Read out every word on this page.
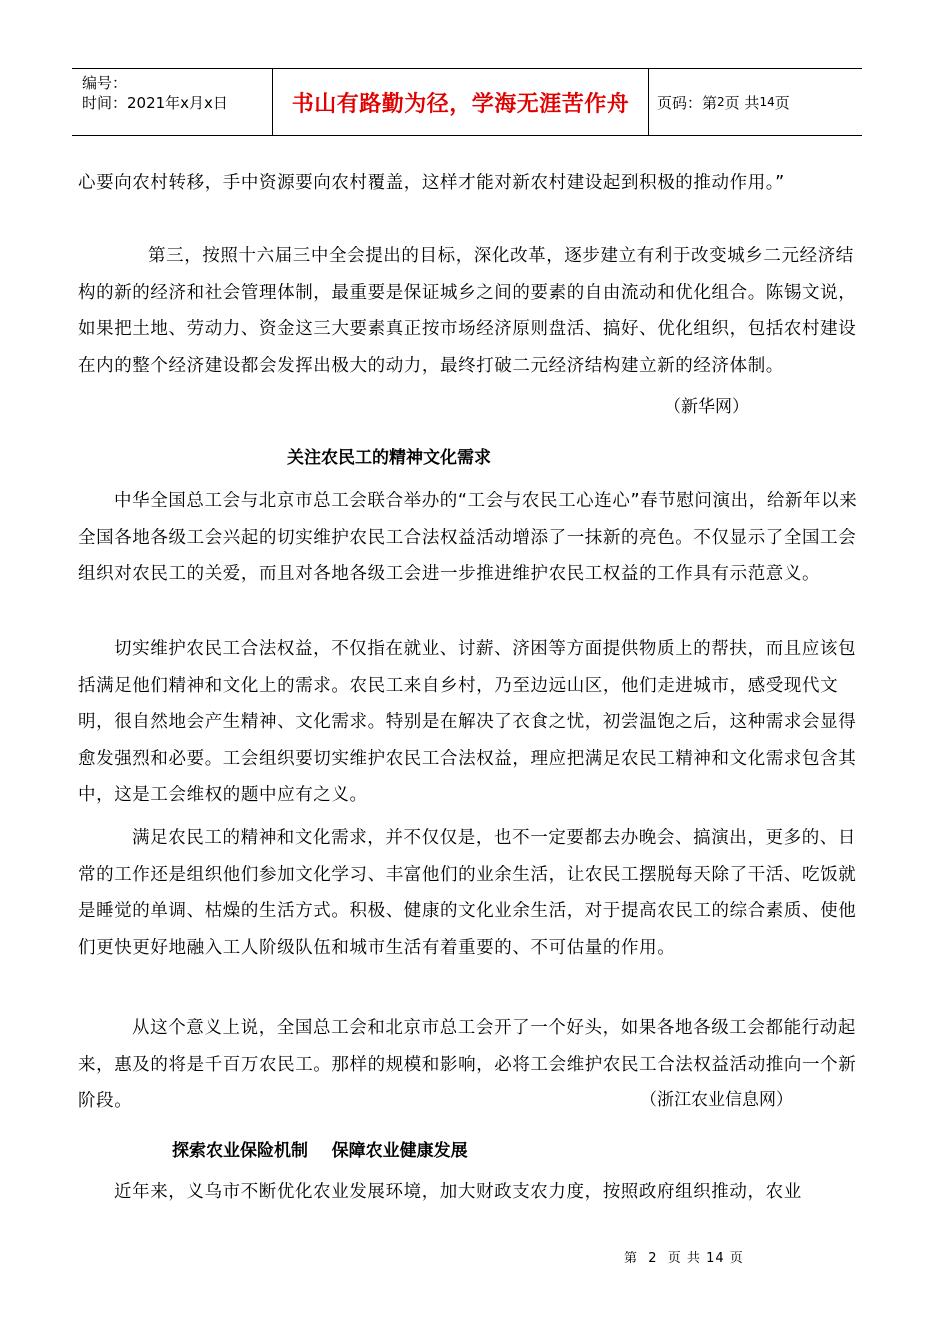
编号：
时间：2021年x月x日	书山有路勤为径，学海无涯苦作舟	页码：第 2 页 共 14 页

心要向农村转移，手中资源要向农村覆盖，这样才能对新农村建设起到积极的推动作用。”

第三，按照十六届三中全会提出的目标，深化改革，逐步建立有利于改变城乡二元经济结构的新的经济和社会管理体制，最重要是保证城乡之间的要素的自由流动和优化组合。陈锡文说，如果把土地、劳动力、资金这三大要素真正按市场经济原则盘活、搞好、优化组织，包括农村建设在内的整个经济建设都会发挥出极大的动力，最终打破二元经济结构建立新的经济体制。

（新华网）
关注农民工的精神文化需求

中华全国总工会与北京市总工会联合举办的“工会与农民工心连心”春节慰问演出，给新年以来全国各地各级工会兴起的切实维护农民工合法权益活动增添了一抹新的亮色。不仅显示了全国工会组织对农民工的关爱，而且对各地各级工会进一步推进维护农民工权益的工作具有示范意义。

切实维护农民工合法权益，不仅指在就业、讨薪、济困等方面提供物质上的帮扶，而且应该包括满足他们精神和文化上的需求。农民工来自乡村，乃至边远山区，他们走进城市，感受现代文明，很自然地会产生精神、文化需求。特别是在解决了衣食之忧，初尝温饱之后，这种需求会显得愈发强烈和必要。工会组织要切实维护农民工合法权益，理应把满足农民工精神和文化需求包含其中，这是工会维权的题中应有之义。

满足农民工的精神和文化需求，并不仅仅是，也不一定要都去办晚会、搞演出，更多的、日常的工作还是组织他们参加文化学习、丰富他们的业余生活，让农民工摆脱每天除了干活、吃饭就是睡觉的单调、枯燥的生活方式。积极、健康的文化业余生活，对于提高农民工的综合素质、使他们更快更好地融入工人阶级队伍和城市生活有着重要的、不可估量的作用。

从这个意义上说，全国总工会和北京市总工会开了一个好头，如果各地各级工会都能行动起来，惠及的将是千百万农民工。那样的规模和影响，必将工会维护农民工合法权益活动推向一个新阶段。	（浙江农业信息网）
探索农业保险机制    保障农业健康发展

近年来，义乌市不断优化农业发展环境，加大财政支农力度，按照政府组织推动，农业

第  2  页 共 14 页
